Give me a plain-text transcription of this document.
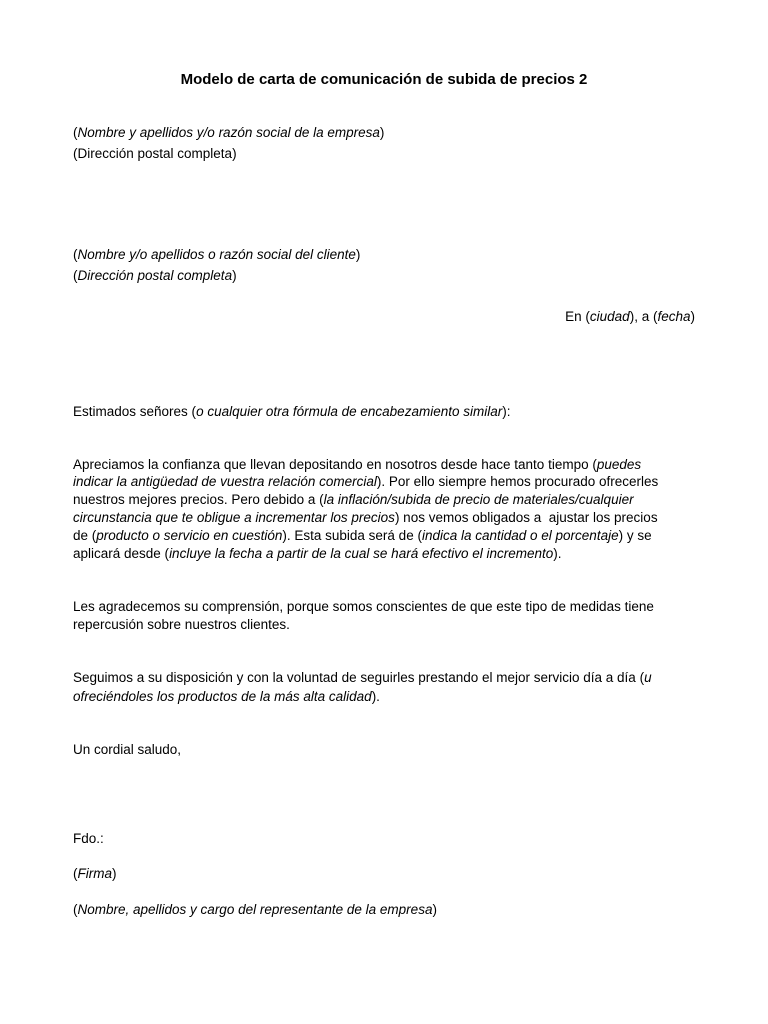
Modelo de carta de comunicación de subida de precios 2

(Nombre y apellidos y/o razón social de la empresa)

(Dirección postal completa)

(Nombre y/o apellidos o razón social del cliente)

(Dirección postal completa)

En (ciudad), a (fecha)

Estimados señores (o cualquier otra fórmula de encabezamiento similar):

Apreciamos la confianza que llevan depositando en nosotros desde hace tanto tiempo (puedes

indicar la antigüedad de vuestra relación comercial). Por ello siempre hemos procurado ofrecerles

nuestros mejores precios. Pero debido a (la inflación/subida de precio de materiales/cualquier

circunstancia que te obligue a incrementar los precios) nos vemos obligados a  ajustar los precios

de (producto o servicio en cuestión). Esta subida será de (indica la cantidad o el porcentaje) y se

aplicará desde (incluye la fecha a partir de la cual se hará efectivo el incremento).

Les agradecemos su comprensión, porque somos conscientes de que este tipo de medidas tiene

repercusión sobre nuestros clientes.

Seguimos a su disposición y con la voluntad de seguirles prestando el mejor servicio día a día (u

ofreciéndoles los productos de la más alta calidad).

Un cordial saludo,

Fdo.:

(Firma)

(Nombre, apellidos y cargo del representante de la empresa)
